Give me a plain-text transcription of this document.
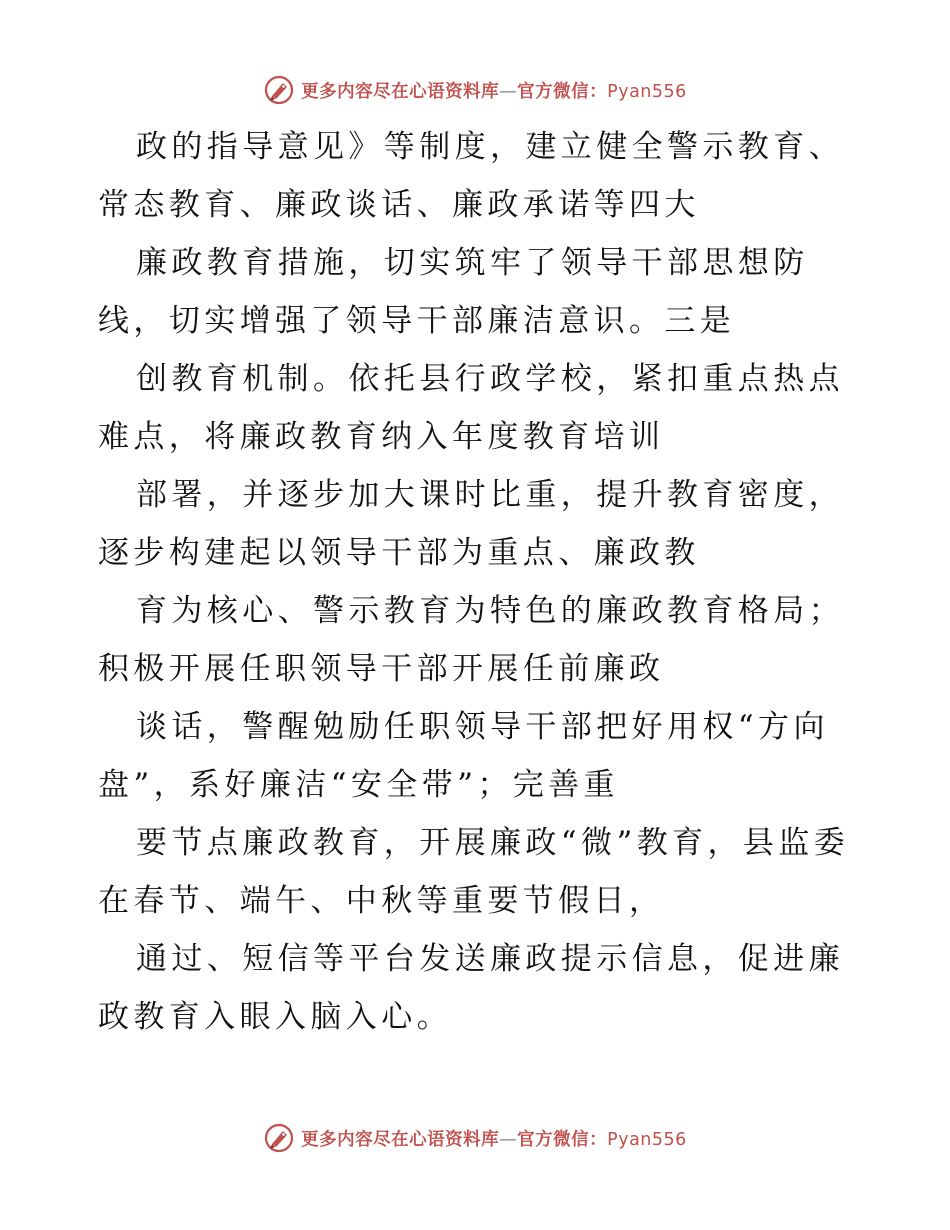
更多内容尽在心语资料库—官方微信：Pyan556

政的指导意见》等制度，建立健全警示教育、常态教育、廉政谈话、廉政承诺等四大

廉政教育措施，切实筑牢了领导干部思想防线，切实增强了领导干部廉洁意识。三是

创教育机制。依托县行政学校，紧扣重点热点难点，将廉政教育纳入年度教育培训

部署，并逐步加大课时比重，提升教育密度，逐步构建起以领导干部为重点、廉政教

育为核心、警示教育为特色的廉政教育格局；积极开展任职领导干部开展任前廉政

谈话，警醒勉励任职领导干部把好用权“方向盘”，系好廉洁“安全带”；完善重

要节点廉政教育，开展廉政“微”教育，县监委在春节、端午、中秋等重要节假日，

通过、短信等平台发送廉政提示信息，促进廉政教育入眼入脑入心。

更多内容尽在心语资料库—官方微信：Pyan556
